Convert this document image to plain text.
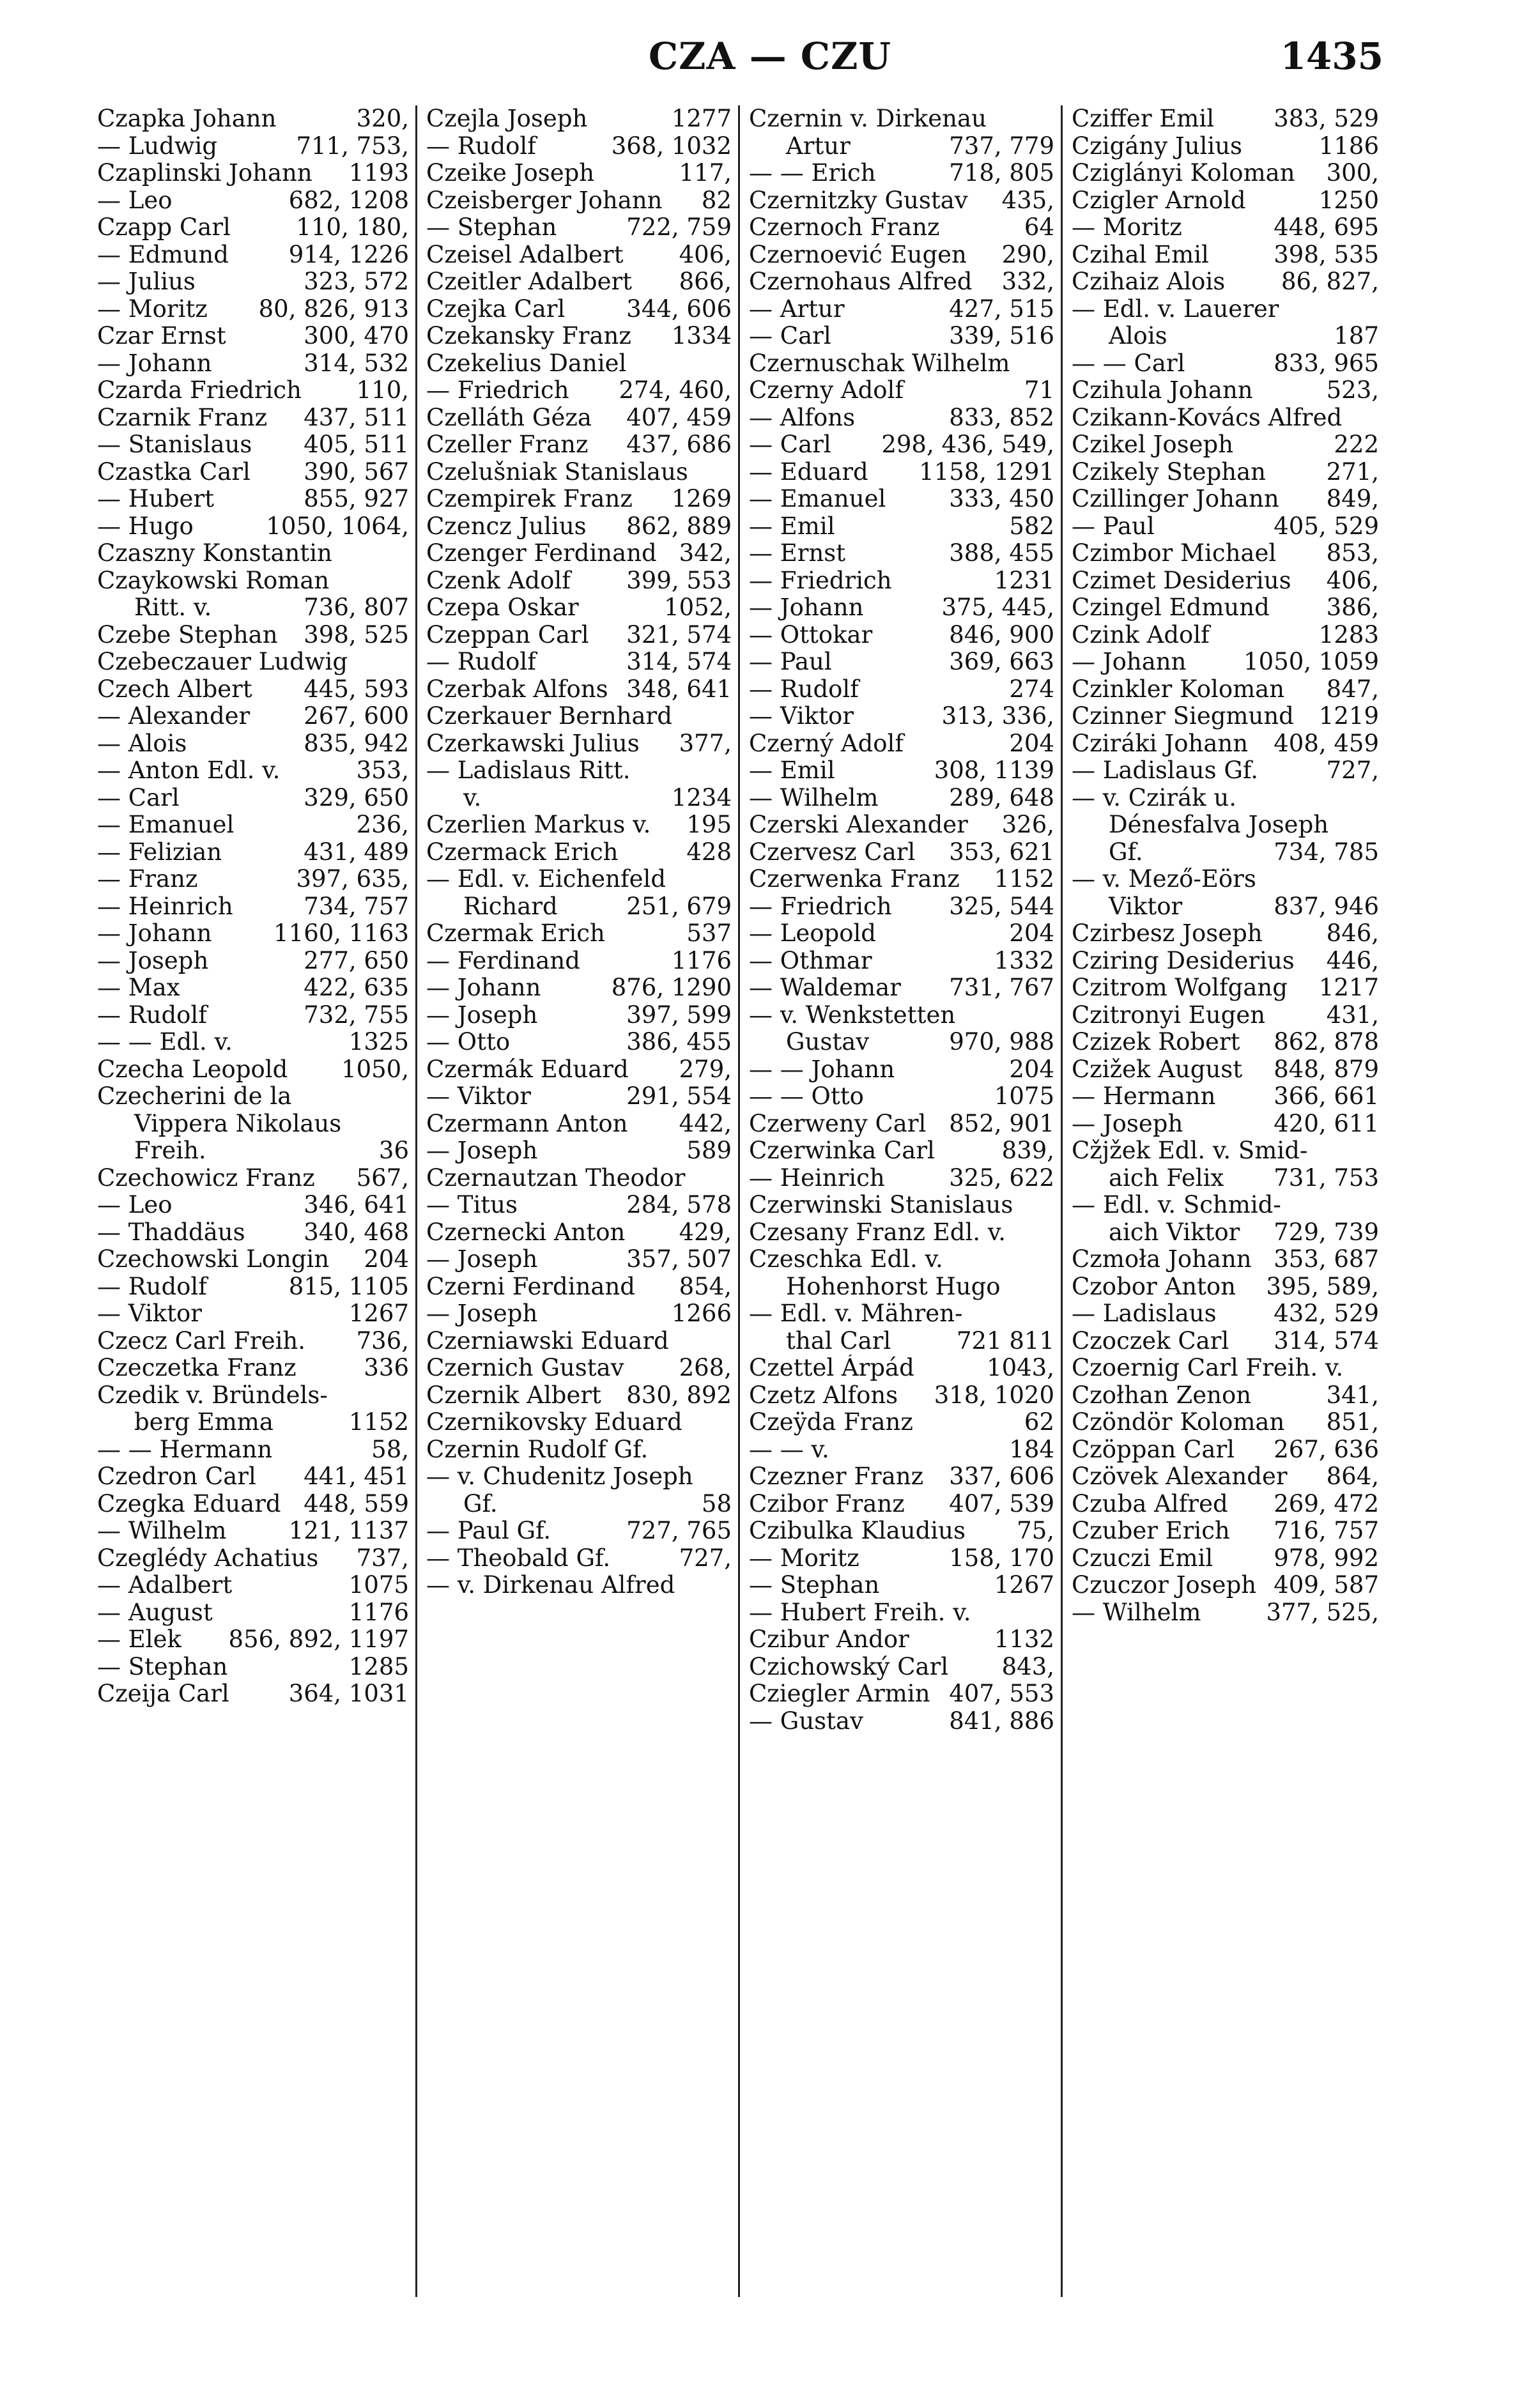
CZA — CZU	1435
Czapka Johann	320,
— Ludwig	711, 753,
Czaplinski Johann 1193
— Leo	682, 1208
Czapp Carl	110, 180,
— Edmund	914, 1226
— Julius	323, 572
— Moritz 80, 826, 913
Czar Ernst	300, 470
— Johann	314, 532
Czarda Friedrich 110,
Czarnik Franz 437, 511
— Stanislaus 405, 511
Czastka Carl 390, 567
— Hubert	855, 927
— Hugo	1050, 1064,
Czaszny Konstantin
Czaykowski Roman
Ritt. v.	736, 807
Czebe Stephan 398, 525
Czebeczauer Ludwig
Czech Albert 445, 593
— Alexander 267, 600
— Alois	835, 942
— Anton Edl. v.	353,
— Carl	329, 650
— Emanuel	236,
— Felizian	431, 489
— Franz	397, 635,
— Heinrich	734, 757
— Johann	1160, 1163
— Joseph	277, 650
— Max	422, 635
— Rudolf	732, 755
— — Edl. v.	1325
Czecha Leopold 1050,
Czecherini de la
Vippera Nikolaus
Freih.	36
Czechowicz Franz 567,
— Leo	346, 641
— Thaddäus 340, 468
Czechowski Longin 204
— Rudolf	815, 1105
— Viktor	1267
Czecz Carl Freih. 736,
Czeczetka Franz	336
Czedik v. Bründels-
berg Emma	1152
— — Hermann	58,
Czedron Carl 441, 451
Czegka Eduard 448, 559
— Wilhelm	121, 1137
Czeglédy Achatius 737,
— Adalbert	1075
— August	1176
— Elek 856, 892, 1197
— Stephan	1285
Czeija Carl	364, 1031
Czejla Joseph	1277
— Rudolf	368, 1032
Czeike Joseph	117,
Czeisberger Johann 82
— Stephan	722, 759
Czeisel Adalbert 406,
Czeitler Adalbert 866,
Czejka Carl	344, 606
Czekansky Franz 1334
Czekelius Daniel
— Friedrich 274, 460,
Czelláth Géza 407, 459
Czeller Franz 437, 686
Czelušniak Stanislaus
Czempirek Franz 1269
Czencz Julius 862, 889
Czenger Ferdinand 342,
Czenk Adolf 399, 553
Czepa Oskar	1052,
Czeppan Carl 321, 574
— Rudolf	314, 574
Czerbak Alfons 348, 641
Czerkauer Bernhard
Czerkawski Julius 377,
— Ladislaus Ritt.
v.	1234
Czerlien Markus v. 195
Czermack Erich	428
— Edl. v. Eichenfeld
Richard	251, 679
Czermak Erich	537
— Ferdinand	1176
— Johann	876, 1290
— Joseph	397, 599
— Otto	386, 455
Czermák Eduard 279,
— Viktor	291, 554
Czermann Anton 442,
— Joseph	589
Czernautzan Theodor
— Titus	284, 578
Czernecki Anton 429,
— Joseph	357, 507
Czerni Ferdinand 854,
— Joseph	1266
Czerniawski Eduard
Czernich Gustav 268,
Czernik Albert 830, 892
Czernikovsky Eduard
Czernin Rudolf Gf.
— v. Chudenitz Joseph
Gf.	58
— Paul Gf.	727, 765
— Theobald Gf.	727,
— v. Dirkenau Alfred
Czernin v. Dirkenau
Artur	737, 779
— — Erich	718, 805
Czernitzky Gustav 435,
Czernoch Franz	64
Czernoević Eugen 290,
Czernohaus Alfred 332,
— Artur	427, 515
— Carl	339, 516
Czernuschak Wilhelm
Czerny Adolf	71
— Alfons	833, 852
— Carl 298, 436, 549,
— Eduard 1158, 1291
— Emanuel	333, 450
— Emil	582
— Ernst	388, 455
— Friedrich	1231
— Johann	375, 445,
— Ottokar	846, 900
— Paul	369, 663
— Rudolf	274
— Viktor	313, 336,
Czerný Adolf	204
— Emil	308, 1139
— Wilhelm	289, 648
Czerski Alexander 326,
Czervesz Carl 353, 621
Czerwenka Franz 1152
— Friedrich 325, 544
— Leopold	204
— Othmar	1332
— Waldemar 731, 767
— v. Wenkstetten
Gustav	970, 988
— — Johann	204
— — Otto	1075
Czerweny Carl 852, 901
Czerwinka Carl	839,
— Heinrich	325, 622
Czerwinski Stanislaus
Czesany Franz Edl. v.
Czeschka Edl. v.
Hohenhorst Hugo
— Edl. v. Mähren-
thal Carl	721 811
Czettel Árpád	1043,
Czetz Alfons 318, 1020
Czeÿda Franz	62
— — v.	184
Czezner Franz 337, 606
Czibor Franz 407, 539
Czibulka Klaudius 75,
— Moritz	158, 170
— Stephan	1267
— Hubert Freih. v.
Czibur Andor	1132
Czichowský Carl 843,
Cziegler Armin 407, 553
— Gustav	841, 886
Cziffer Emil	383, 529
Czigány Julius	1186
Cziglányi Koloman 300,
Czigler Arnold	1250
— Moritz	448, 695
Czihal Emil	398, 535
Czihaiz Alois 86, 827,
— Edl. v. Lauerer
Alois	187
— — Carl	833, 965
Czihula Johann	523,
Czikann-Kovács Alfred
Czikel Joseph	222
Czikely Stephan	271,
Czillinger Johann 849,
— Paul	405, 529
Czimbor Michael 853,
Czimet Desiderius 406,
Czingel Edmund 386,
Czink Adolf	1283
— Johann 1050, 1059
Czinkler Koloman 847,
Czinner Siegmund 1219
Cziráki Johann 408, 459
— Ladislaus Gf.	727,
— v. Czirák u.
Dénesfalva Joseph
Gf.	734, 785
— v. Mező-Eörs
Viktor	837, 946
Czirbesz Joseph	846,
Cziring Desiderius 446,
Czitrom Wolfgang 1217
Czitronyi Eugen	431,
Czizek Robert 862, 878
Czižek August 848, 879
— Hermann 366, 661
— Joseph	420, 611
Cžjžek Edl. v. Smid-
aich Felix 731, 753
— Edl. v. Schmid-
aich Viktor 729, 739
Czmoła Johann 353, 687
Czobor Anton 395, 589,
— Ladislaus 432, 529
Czoczek Carl 314, 574
Czoernig Carl Freih. v.
Czołhan Zenon	341,
Czöndör Koloman 851,
Czöppan Carl 267, 636
Czövek Alexander 864,
Czuba Alfred 269, 472
Czuber Erich 716, 757
Czuczi Emil	978, 992
Czuczor Joseph 409, 587
— Wilhelm	377, 525,
